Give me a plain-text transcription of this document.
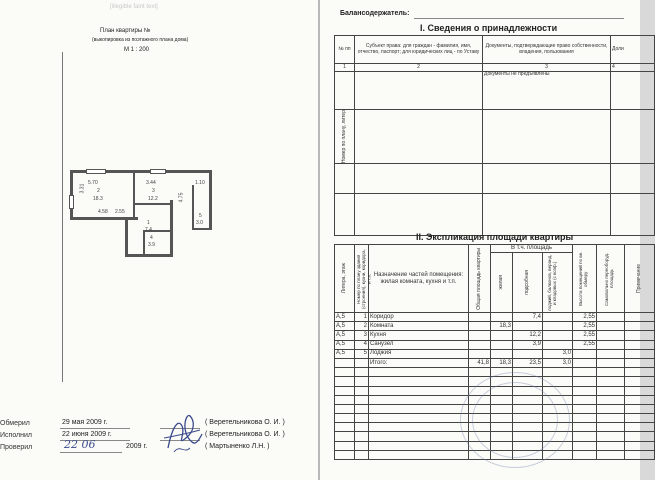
[illegible faint text]
План квартиры №
(выкопировка из поэтажного плана дома)
М 1 : 200
5.70
2
18.3
3.31
3.44
3
12.2	4.75
1.10
5
3.0
1
7.4
4
3.9
4.58 2.55
Обмерил	29 мая 2009 г.	( Веретельникова О. И. )
Исполнил	22 июня 2009 г.	( Веретельникова О. И. )
Проверил	22 06	2009 г.	( Мартыненко Л.Н. )
Балансодержатель:
I. Сведения о принадлежности
№ пп	Субъект права: для граждан - фамилия, имя, отчество, паспорт; для юридических лиц - по Уставу	Документы, подтверждающие право собственности, владения, пользования	Доли
1	2	3	4
		Документы не предъявлены	

Номер по плану, литер			

II. Экспликация площади квартиры
Литера, этаж	Номер по плану здания (строения), кухни, коридора, и т.п.	Назначение частей помещения: жилая комната, кухня и т.п.	Общая площадь квартиры	В т.ч. площадь			Высота помещений по вн. обмеру	Самовольно переоборуд. площадь	Примечание

				жилая	подсобная	лоджий, балконов, веранд, и кладовых (с коэф.)			

А,5	1	Коридор			7,4		2,55		
А,5	2	Комната		18,3			2,55		
А,5	3	Кухня			12,2		2,55		
А,5	4	Санузел			3,9		2,55		
А,5	5	Лоджия				3,0			
		Итого:	41,8	18,3	23,5	3,0			
